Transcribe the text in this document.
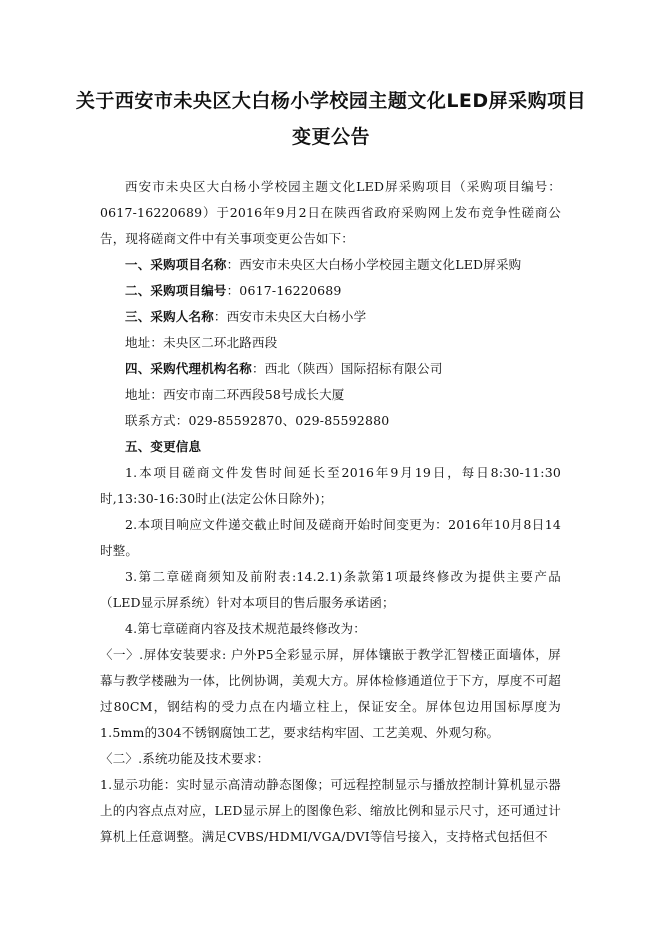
关于西安市未央区大白杨小学校园主题文化LED屏采购项目
变更公告

西安市未央区大白杨小学校园主题文化LED屏采购项目（采购项目编号：0617-16220689）于2016年9月2日在陕西省政府采购网上发布竞争性磋商公告，现将磋商文件中有关事项变更公告如下：

一、采购项目名称：西安市未央区大白杨小学校园主题文化LED屏采购

二、采购项目编号：0617-16220689

三、采购人名称：西安市未央区大白杨小学

地址：未央区二环北路西段

四、采购代理机构名称：西北（陕西）国际招标有限公司

地址：西安市南二环西段58号成长大厦

联系方式：029-85592870、029-85592880

五、变更信息

1.本项目磋商文件发售时间延长至2016年9月19日，每日8:30-11:30时,13:30-16:30时止(法定公休日除外)；

2.本项目响应文件递交截止时间及磋商开始时间变更为：2016年10月8日14时整。

3.第二章磋商须知及前附表:14.2.1)条款第1项最终修改为提供主要产品（LED显示屏系统）针对本项目的售后服务承诺函；

4.第七章磋商内容及技术规范最终修改为：

〈一〉.屏体安装要求: 户外P5全彩显示屏，屏体镶嵌于教学汇智楼正面墙体，屏幕与教学楼融为一体，比例协调，美观大方。屏体检修通道位于下方，厚度不可超过80CM，钢结构的受力点在内墙立柱上，保证安全。屏体包边用国标厚度为1.5mm的304不锈钢腐蚀工艺，要求结构牢固、工艺美观、外观匀称。

〈二〉.系统功能及技术要求：

1.显示功能：实时显示高清动静态图像；可远程控制显示与播放控制计算机显示器上的内容点点对应，LED显示屏上的图像色彩、缩放比例和显示尺寸，还可通过计算机上任意调整。满足CVBS/HDMI/VGA/DVI等信号接入，支持格式包括但不
